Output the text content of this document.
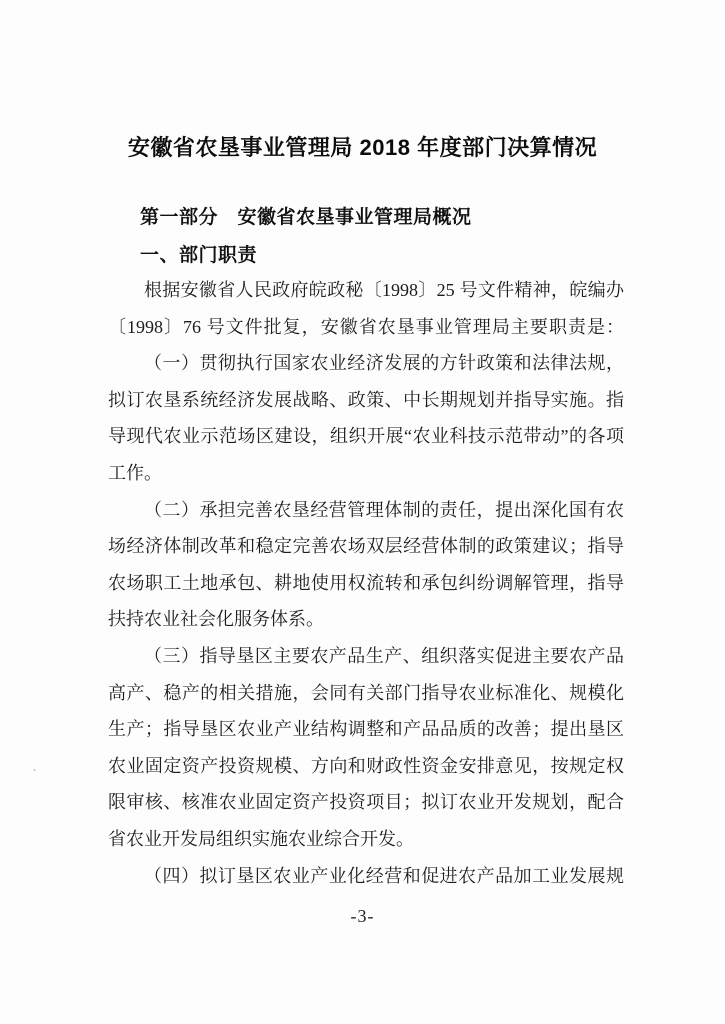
安徽省农垦事业管理局 2018 年度部门决算情况
第一部分　安徽省农垦事业管理局概况
一、部门职责
根据安徽省人民政府皖政秘〔1998〕25 号文件精神，皖编办
〔1998〕76 号文件批复，安徽省农垦事业管理局主要职责是：
（一）贯彻执行国家农业经济发展的方针政策和法律法规，
拟订农垦系统经济发展战略、政策、中长期规划并指导实施。指
导现代农业示范场区建设，组织开展“农业科技示范带动”的各项
工作。
（二）承担完善农垦经营管理体制的责任，提出深化国有农
场经济体制改革和稳定完善农场双层经营体制的政策建议；指导
农场职工土地承包、耕地使用权流转和承包纠纷调解管理，指导
扶持农业社会化服务体系。
（三）指导垦区主要农产品生产、组织落实促进主要农产品
高产、稳产的相关措施，会同有关部门指导农业标准化、规模化
生产；指导垦区农业产业结构调整和产品品质的改善；提出垦区
农业固定资产投资规模、方向和财政性资金安排意见，按规定权
限审核、核准农业固定资产投资项目；拟订农业开发规划，配合
省农业开发局组织实施农业综合开发。
（四）拟订垦区农业产业化经营和促进农产品加工业发展规
-3-
